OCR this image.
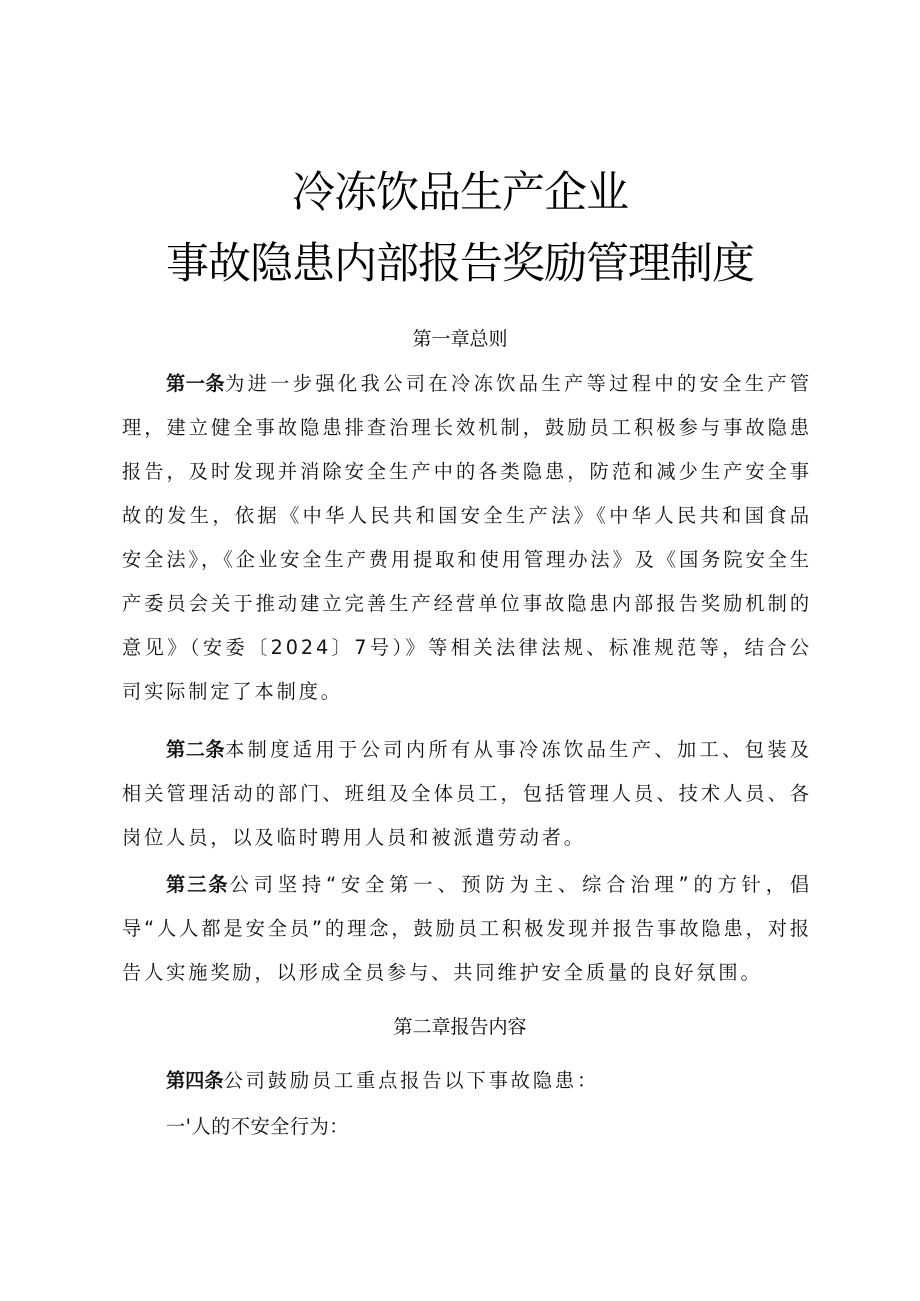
冷冻饮品生产企业
事故隐患内部报告奖励管理制度
第一章总则

第一条为进一步强化我公司在冷冻饮品生产等过程中的安全生产管理，建立健全事故隐患排查治理长效机制，鼓励员工积极参与事故隐患报告，及时发现并消除安全生产中的各类隐患，防范和减少生产安全事故的发生，依据《中华人民共和国安全生产法》《中华人民共和国食品安全法》，《企业安全生产费用提取和使用管理办法》及《国务院安全生产委员会关于推动建立完善生产经营单位事故隐患内部报告奖励机制的意见》（安委〔2024〕7号）》等相关法律法规、标准规范等，结合公司实际制定了本制度。

第二条本制度适用于公司内所有从事冷冻饮品生产、加工、包装及相关管理活动的部门、班组及全体员工，包括管理人员、技术人员、各岗位人员，以及临时聘用人员和被派遣劳动者。

第三条公司坚持“安全第一、预防为主、综合治理”的方针，倡导“人人都是安全员”的理念，鼓励员工积极发现并报告事故隐患，对报告人实施奖励，以形成全员参与、共同维护安全质量的良好氛围。

第二章报告内容

第四条公司鼓励员工重点报告以下事故隐患：

一'人的不安全行为：
